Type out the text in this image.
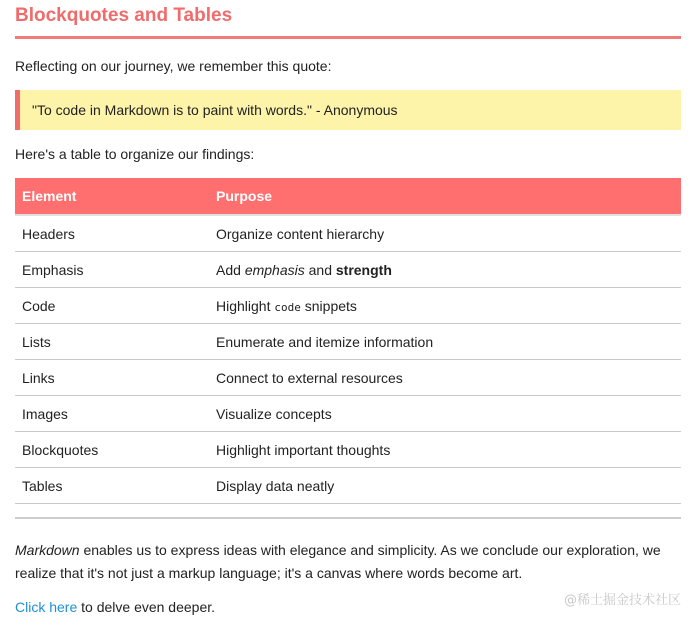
Blockquotes and Tables

Reflecting on our journey, we remember this quote:

"To code in Markdown is to paint with words." - Anonymous

Here's a table to organize our findings:

Element	Purpose
Headers	Organize content hierarchy
Emphasis	Add emphasis and strength
Code	Highlight code snippets
Lists	Enumerate and itemize information
Links	Connect to external resources
Images	Visualize concepts
Blockquotes	Highlight important thoughts
Tables	Display data neatly

Markdown enables us to express ideas with elegance and simplicity. As we conclude our exploration, we realize that it's not just a markup language; it's a canvas where words become art.

Click here to delve even deeper.	@稀土掘金技术社区
